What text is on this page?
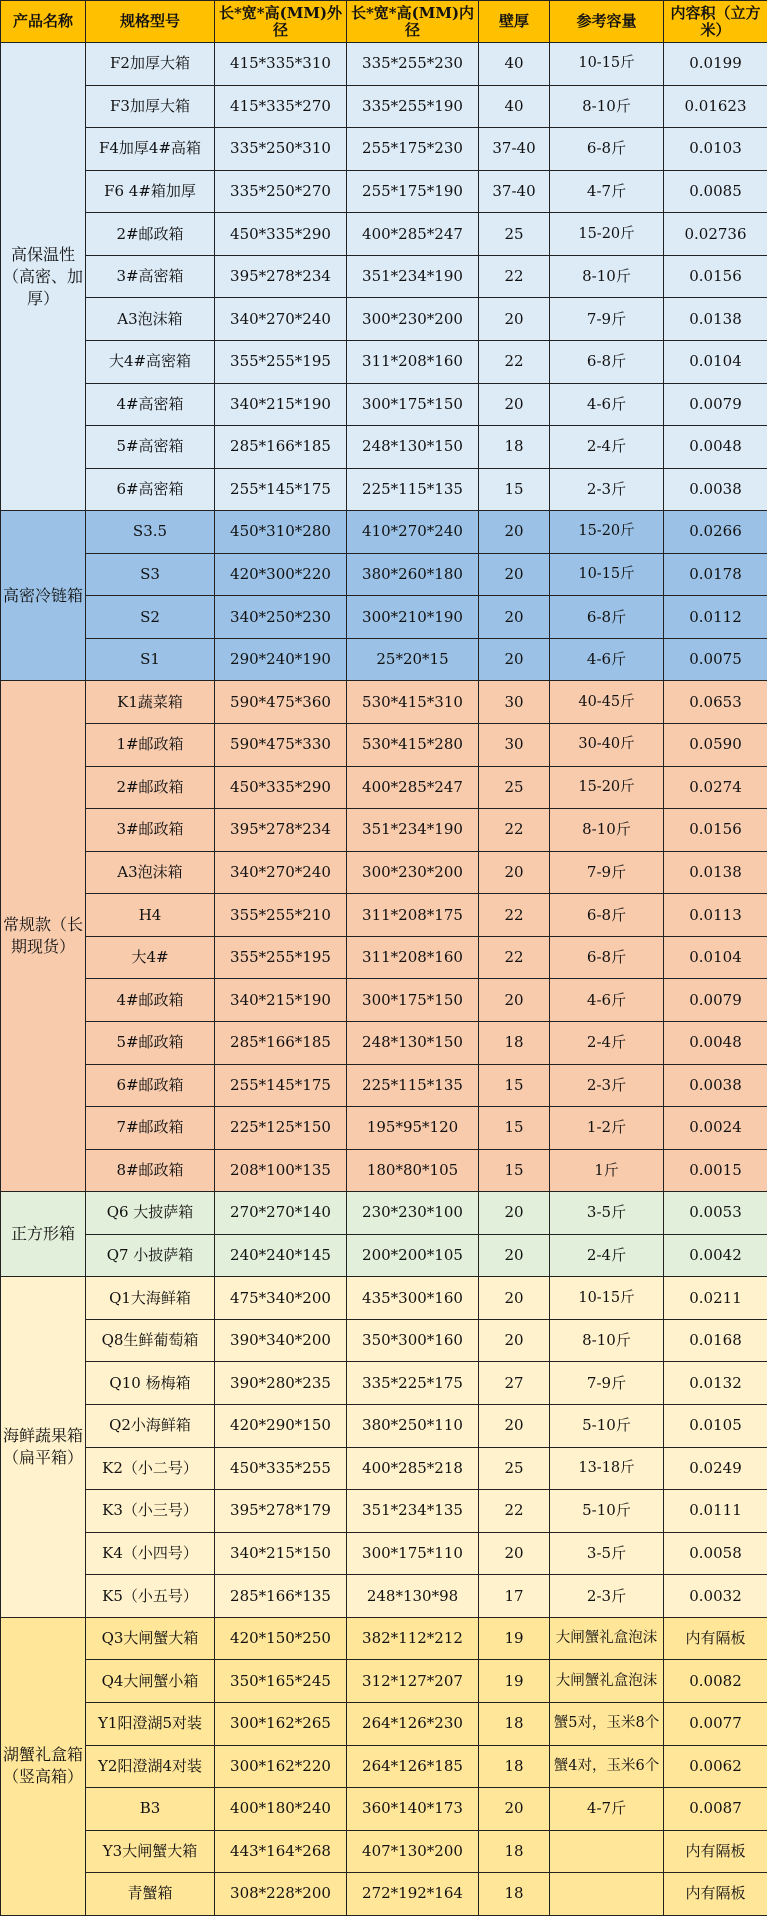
产品名称	规格型号	长*宽*高(MM)外径	长*宽*高(MM)内径	壁厚	参考容量	内容积（立方米）
高保温性（高密、加厚）	F2加厚大箱	415*335*310	335*255*230	40	10-15斤	0.0199
	F3加厚大箱	415*335*270	335*255*190	40	8-10斤	0.01623
	F4加厚4#高箱	335*250*310	255*175*230	37-40	6-8斤	0.0103
	F6 4#箱加厚	335*250*270	255*175*190	37-40	4-7斤	0.0085
	2#邮政箱	450*335*290	400*285*247	25	15-20斤	0.02736
	3#高密箱	395*278*234	351*234*190	22	8-10斤	0.0156
	A3泡沫箱	340*270*240	300*230*200	20	7-9斤	0.0138
	大4#高密箱	355*255*195	311*208*160	22	6-8斤	0.0104
	4#高密箱	340*215*190	300*175*150	20	4-6斤	0.0079
	5#高密箱	285*166*185	248*130*150	18	2-4斤	0.0048
	6#高密箱	255*145*175	225*115*135	15	2-3斤	0.0038
高密冷链箱	S3.5	450*310*280	410*270*240	20	15-20斤	0.0266
	S3	420*300*220	380*260*180	20	10-15斤	0.0178
	S2	340*250*230	300*210*190	20	6-8斤	0.0112
	S1	290*240*190	25*20*15	20	4-6斤	0.0075
常规款（长期现货）	K1蔬菜箱	590*475*360	530*415*310	30	40-45斤	0.0653
	1#邮政箱	590*475*330	530*415*280	30	30-40斤	0.0590
	2#邮政箱	450*335*290	400*285*247	25	15-20斤	0.0274
	3#邮政箱	395*278*234	351*234*190	22	8-10斤	0.0156
	A3泡沫箱	340*270*240	300*230*200	20	7-9斤	0.0138
	H4	355*255*210	311*208*175	22	6-8斤	0.0113
	大4#	355*255*195	311*208*160	22	6-8斤	0.0104
	4#邮政箱	340*215*190	300*175*150	20	4-6斤	0.0079
	5#邮政箱	285*166*185	248*130*150	18	2-4斤	0.0048
	6#邮政箱	255*145*175	225*115*135	15	2-3斤	0.0038
	7#邮政箱	225*125*150	195*95*120	15	1-2斤	0.0024
	8#邮政箱	208*100*135	180*80*105	15	1斤	0.0015
正方形箱	Q6 大披萨箱	270*270*140	230*230*100	20	3-5斤	0.0053
	Q7 小披萨箱	240*240*145	200*200*105	20	2-4斤	0.0042
海鲜蔬果箱（扁平箱）	Q1大海鲜箱	475*340*200	435*300*160	20	10-15斤	0.0211
	Q8生鲜葡萄箱	390*340*200	350*300*160	20	8-10斤	0.0168
	Q10 杨梅箱	390*280*235	335*225*175	27	7-9斤	0.0132
	Q2小海鲜箱	420*290*150	380*250*110	20	5-10斤	0.0105
	K2（小二号）	450*335*255	400*285*218	25	13-18斤	0.0249
	K3（小三号）	395*278*179	351*234*135	22	5-10斤	0.0111
	K4（小四号）	340*215*150	300*175*110	20	3-5斤	0.0058
	K5（小五号）	285*166*135	248*130*98	17	2-3斤	0.0032
湖蟹礼盒箱（竖高箱）	Q3大闸蟹大箱	420*150*250	382*112*212	19	大闸蟹礼盒泡沫	内有隔板
	Q4大闸蟹小箱	350*165*245	312*127*207	19	大闸蟹礼盒泡沫	0.0082
	Y1阳澄湖5对装	300*162*265	264*126*230	18	蟹5对，玉米8个	0.0077
	Y2阳澄湖4对装	300*162*220	264*126*185	18	蟹4对，玉米6个	0.0062
	B3	400*180*240	360*140*173	20	4-7斤	0.0087
	Y3大闸蟹大箱	443*164*268	407*130*200	18		内有隔板
	青蟹箱	308*228*200	272*192*164	18		内有隔板
